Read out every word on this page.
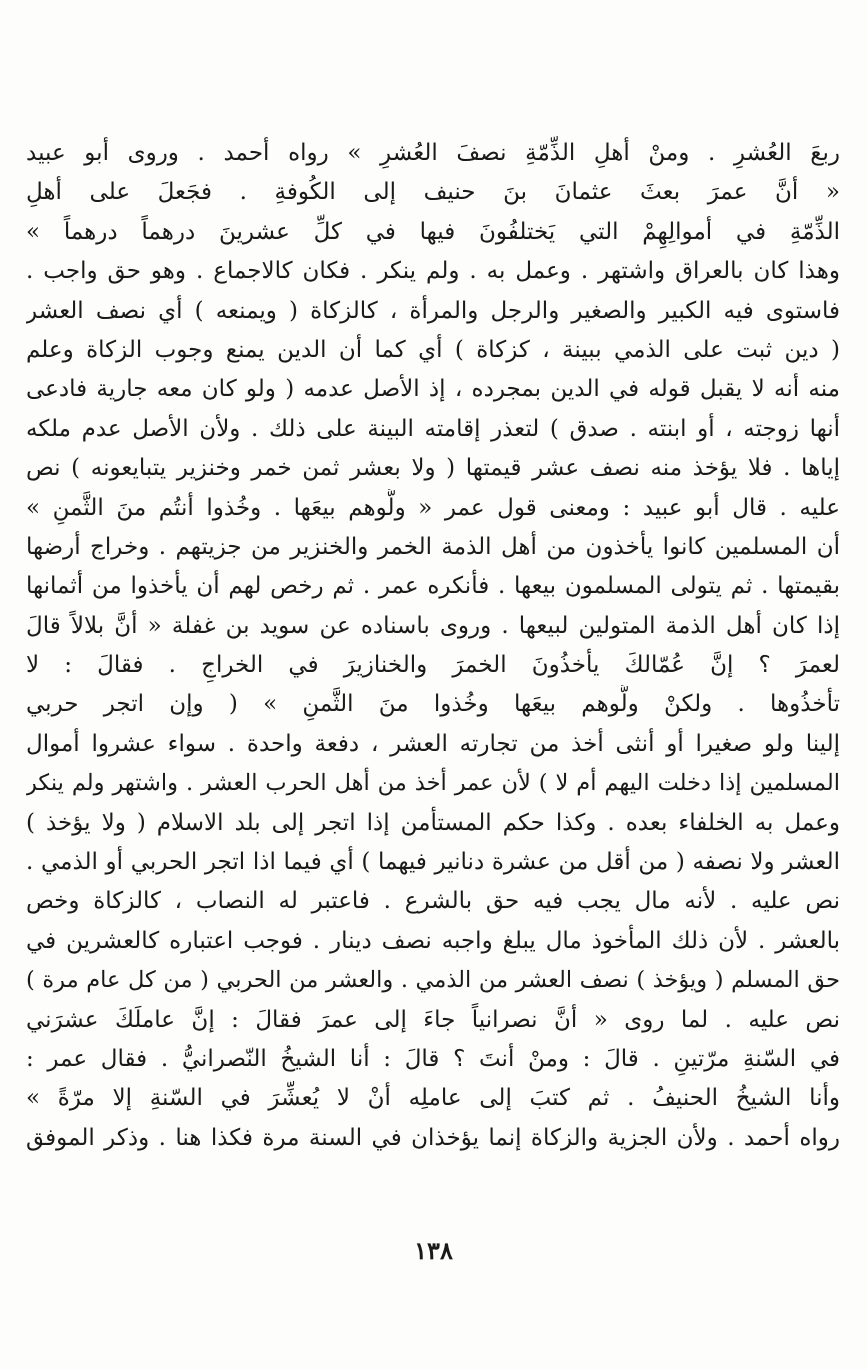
ربعَ العُشرِ . ومنْ أهلِ الذِّمّةِ نصفَ العُشرِ » رواه أحمد . وروى أبو عبيد
« أنَّ عمرَ بعثَ عثمانَ بنَ حنيف إلى الكُوفةِ . فجَعلَ على أهلِ
الذِّمّةِ في أموالِهِمْ التي يَختلفُونَ فيها في كلِّ عشرينَ درهماً درهماً »
وهذا كان بالعراق واشتهر . وعمل به . ولم ينكر . فكان كالاجماع . وهو حق واجب .
فاستوى فيه الكبير والصغير والرجل والمرأة ، كالزكاة ( ويمنعه ) أي نصف العشر
( دين ثبت على الذمي ببينة ، كزكاة ) أي كما أن الدين يمنع وجوب الزكاة وعلم
منه أنه لا يقبل قوله في الدين بمجرده ، إذ الأصل عدمه ( ولو كان معه جارية فادعى
أنها زوجته ، أو ابنته . صدق ) لتعذر إقامته البينة على ذلك . ولأن الأصل عدم ملكه
إياها . فلا يؤخذ منه نصف عشر قيمتها ( ولا بعشر ثمن خمر وخنزير يتبايعونه ) نص
عليه . قال أبو عبيد : ومعنى قول عمر « ولُّوهم بيعَها . وخُذوا أنتُم منَ الثَّمنِ »
أن المسلمين كانوا يأخذون من أهل الذمة الخمر والخنزير من جزيتهم . وخراج أرضها
بقيمتها . ثم يتولى المسلمون بيعها . فأنكره عمر . ثم رخص لهم أن يأخذوا من أثمانها
إذا كان أهل الذمة المتولين لبيعها . وروى باسناده عن سويد بن غفلة « أنَّ بلالاً قالَ
لعمرَ ؟ إنَّ عُمّالكَ يأخذُونَ الخمرَ والخنازيرَ في الخراجِ . فقالَ : لا
تأخذُوها . ولكنْ ولُّوهم بيعَها وخُذوا منَ الثَّمنِ » ( وإن اتجر حربي
إلينا ولو صغيرا أو أنثى أخذ من تجارته العشر ، دفعة واحدة . سواء عشروا أموال
المسلمين إذا دخلت اليهم أم لا ) لأن عمر أخذ من أهل الحرب العشر . واشتهر ولم ينكر
وعمل به الخلفاء بعده . وكذا حكم المستأمن إذا اتجر إلى بلد الاسلام ( ولا يؤخذ )
العشر ولا نصفه ( من أقل من عشرة دنانير فيهما ) أي فيما اذا اتجر الحربي أو الذمي .
نص عليه . لأنه مال يجب فيه حق بالشرع . فاعتبر له النصاب ، كالزكاة وخص
بالعشر . لأن ذلك المأخوذ مال يبلغ واجبه نصف دينار . فوجب اعتباره كالعشرين في
حق المسلم ( ويؤخذ ) نصف العشر من الذمي . والعشر من الحربي ( من كل عام مرة )
نص عليه . لما روى « أنَّ نصرانياً جاءَ إلى عمرَ فقالَ : إنَّ عاملَكَ عشرَني
في السّنةِ مرّتينِ . قالَ : ومنْ أنتَ ؟ قالَ : أنا الشيخُ النّصرانيُّ . فقال عمر :
وأنا الشيخُ الحنيفُ . ثم كتبَ إلى عاملِه أنْ لا يُعشِّرَ في السّنةِ إلا مرّةً »
رواه أحمد . ولأن الجزية والزكاة إنما يؤخذان في السنة مرة فكذا هنا . وذكر الموفق
١٣٨
